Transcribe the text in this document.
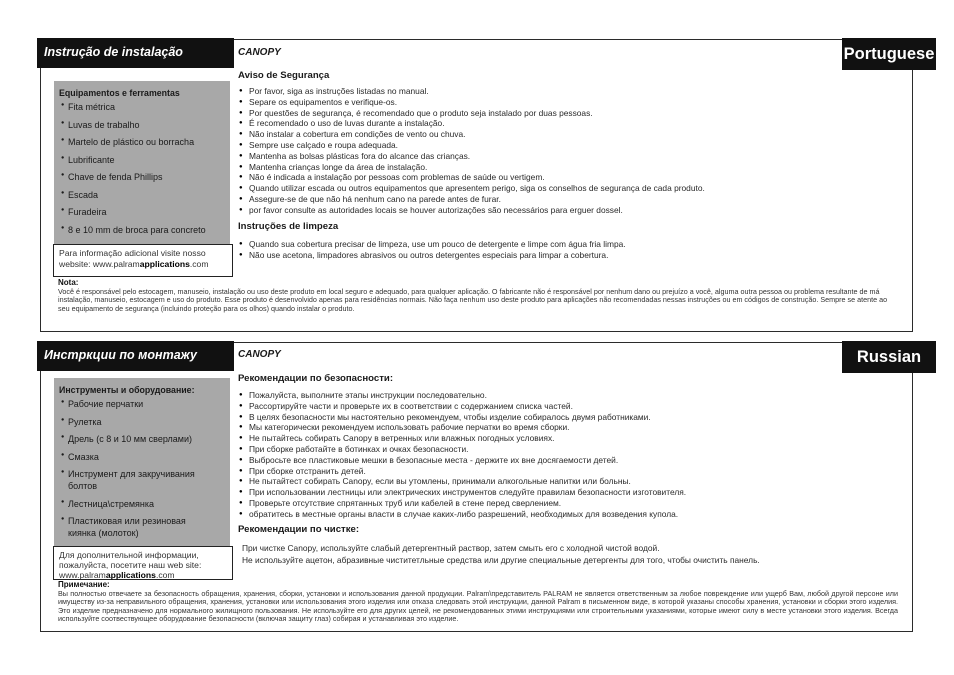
Instrução de instalação	Portuguese
Equipamentos e ferramentas
● Fita métrica
● Luvas de trabalho
● Martelo de plástico ou borracha
● Lubrificante
● Chave de fenda Phillips
● Escada
● Furadeira
● 8 e 10 mm de broca para concreto
Para informação adicional visite nosso website: www.palramapplications.com
CANOPY
Aviso de Segurança
● Por favor, siga as instruções listadas no manual.
● Separe os equipamentos e verifique-os.
● Por questões de segurança, é recomendado que o produto seja instalado por duas pessoas.
● É recomendado o uso de luvas durante a instalação.
● Não instalar a cobertura em condições de vento ou chuva.
● Sempre use calçado e roupa adequada.
● Mantenha as bolsas plásticas fora do alcance das crianças.
● Mantenha crianças longe da área de instalação.
● Não é indicada a instalação por pessoas com problemas de saúde ou vertigem.
● Quando utilizar escada ou outros equipamentos que apresentem perigo, siga os conselhos de segurança de cada produto.
● Assegure-se de que não há nenhum cano na parede antes de furar.
● por favor consulte as autoridades locais se houver autorizações são necessários para erguer dossel.
Instruções de limpeza
● Quando sua cobertura precisar de limpeza, use um pouco de detergente e limpe com água fria limpa.
● Não use acetona, limpadores abrasivos ou outros detergentes especiais para limpar a cobertura.
Nota:
Você é responsável pelo estocagem, manuseio, instalação ou uso deste produto em local seguro e adequado, para qualquer aplicação. O fabricante não é responsável por nenhum dano ou prejuízo a você, alguma outra pessoa ou problema resultante de má instalação, manuseio, estocagem e uso do produto. Esse produto é desenvolvido apenas para residências normais. Não faça nenhum uso deste produto para aplicações não recomendadas nessas instruções ou em códigos de construção. Sempre se atente ao seu equipamento de segurança (incluindo proteção para os olhos) quando instalar o produto.
Инстркции по монтажу	Russian
Инструменты и оборудование:
● Рабочие перчатки
● Рулетка
● Дрель (с 8 и 10 мм сверлами)
● Смазка
● Инструмент для закручивания болтов
● Лестница\стремянка
● Пластиковая или резиновая киянка (молоток)
Для дополнительной информации, пожалуйста, посетите наш web site: www.palramapplications.com
CANOPY
Рекомендации по безопасности:
● Пожалуйста, выполните этапы инструкции последовательно.
● Рассортируйте части и проверьте их в соответствии с содержанием списка частей.
● В целях безопасности мы настоятельно рекомендуем, чтобы изделие собиралось двумя работниками.
● Мы категорически рекомендуем использовать рабочие перчатки во время сборки.
● Не пытайтесь собирать Canopy в ветренных или влажных погодных условиях.
● При сборке работайте в ботинках и очках безопасности.
● Выбросьте все пластиковые мешки в безопасные места - держите их вне досягаемости детей.
● При сборке отстранить детей.
● Не пытайтест собирать Canopy, если вы утомлены, принимали алкогольные напитки или больны.
● При использовании лестницы или электрических инструментов следуйте правилам безопасности изготовителя.
● Проверьте отсутствие спрятанных труб или кабелей в стене перед сверлением.
● обратитесь в местные органы власти в случае каких-либо разрешений, необходимых для возведения купола.
Рекомендации по чистке:
При чистке Canopy, используйте слабый детергентный раствор, затем смыть его с холодной чистой водой.
Не используйте ацетон, абразивные чиститетльные средства или другие специальные детергенты для того, чтобы очистить панель.
Примечание:
Вы полностью отвечаете за безопасность обращения, хранения, сборки, установки и использования данной продукции. Palram\представитель PALRAM не является ответственным за любое повреждение или ущерб Вам, любой другой персоне или имуществу из-за неправильного обращения, хранения, установки или использования этого изделия или отказа следовать этой инструкции, данной Palram в письменном виде, в которой указаны способы хранения, установки и сборки этого изделия. Это изделие предназначено для нормального жилищного пользования. Не используйте его для других целей, не рекомендованных этими инструкциями или строительными указаниями, которые имеют силу в месте установки этого изделия. Всегда используйте соотвествующее оборудование безопасности (включая защиту глаз) собирая и устанавливая это изделие.
